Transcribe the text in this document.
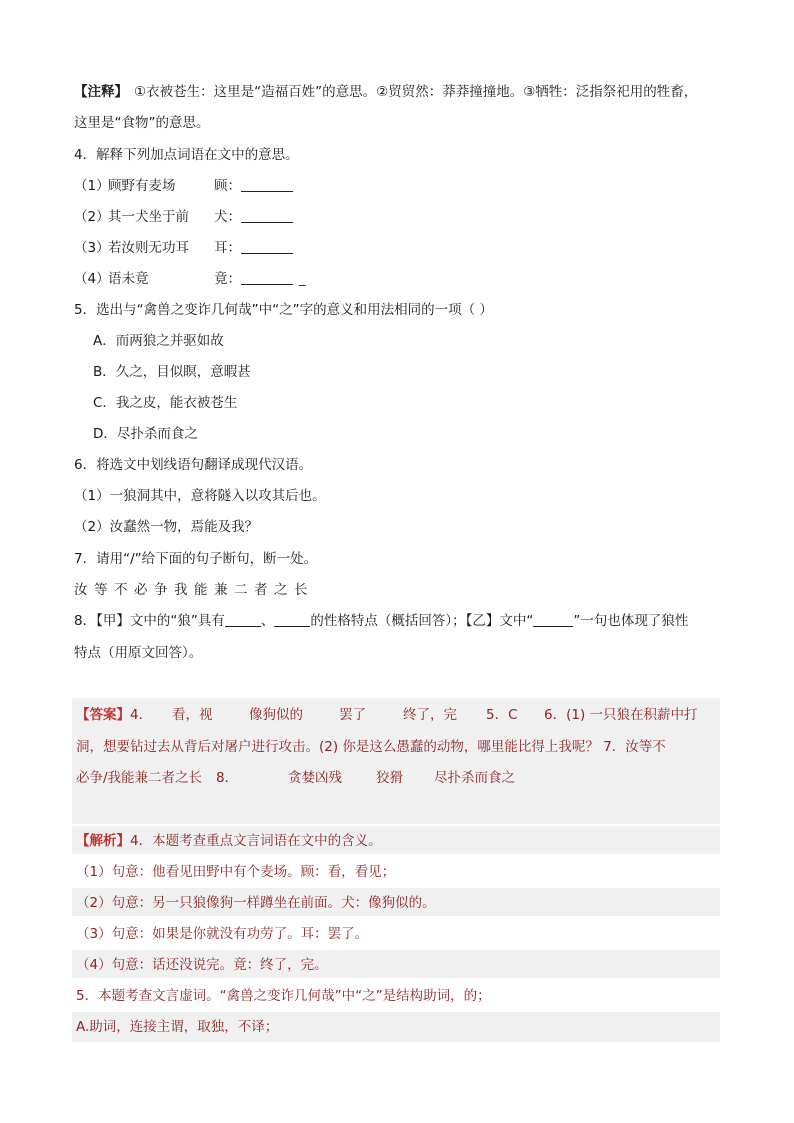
【注释】 ①衣被苍生：这里是“造福百姓”的意思。②贸贸然：莽莽撞撞地。③牺牲：泛指祭祀用的牲畜，
这里是“食物”的意思。
4．解释下列加点词语在文中的意思。
（1）顾野有麦场	顾：
（2）其一犬坐于前 犬：
（3）若汝则无功耳 耳：
（4）语未竟	竟：	_
5．选出与“禽兽之变诈几何哉”中“之”字的意义和用法相同的一项（ ）
A．而两狼之并驱如故
B．久之，目似瞑，意暇甚
C．我之皮，能衣被苍生
D．尽扑杀而食之
6．将选文中划线语句翻译成现代汉语。
（1）一狼洞其中，意将隧入以攻其后也。
（2）汝蠢然一物，焉能及我？
7．请用“/”给下面的句子断句，断一处。
汝等不必争我能兼二者之长
8．【甲】文中的“狼”具有	、	的性格特点（概括回答）；【乙】文中“	”一句也体现了狼性
特点（用原文回答）。
【答案】4． 看，视	像狗似的	罢了	终了，完 5．C 6．(1) 一只狼在积薪中打
洞，想要钻过去从背后对屠户进行攻击。(2) 你是这么愚蠢的动物，哪里能比得上我呢？ 7．汝等不
必争/我能兼二者之长 8．	贪婪凶残	狡猾 尽扑杀而食之
【解析】4．本题考查重点文言词语在文中的含义。
（1）句意：他看见田野中有个麦场。顾：看，看见；
（2）句意：另一只狼像狗一样蹲坐在前面。犬：像狗似的。
（3）句意：如果是你就没有功劳了。耳：罢了。
（4）句意：话还没说完。竟：终了，完。
5．本题考查文言虚词。“禽兽之变诈几何哉”中“之”是结构助词，的；
A.助词，连接主谓，取独，不译；
